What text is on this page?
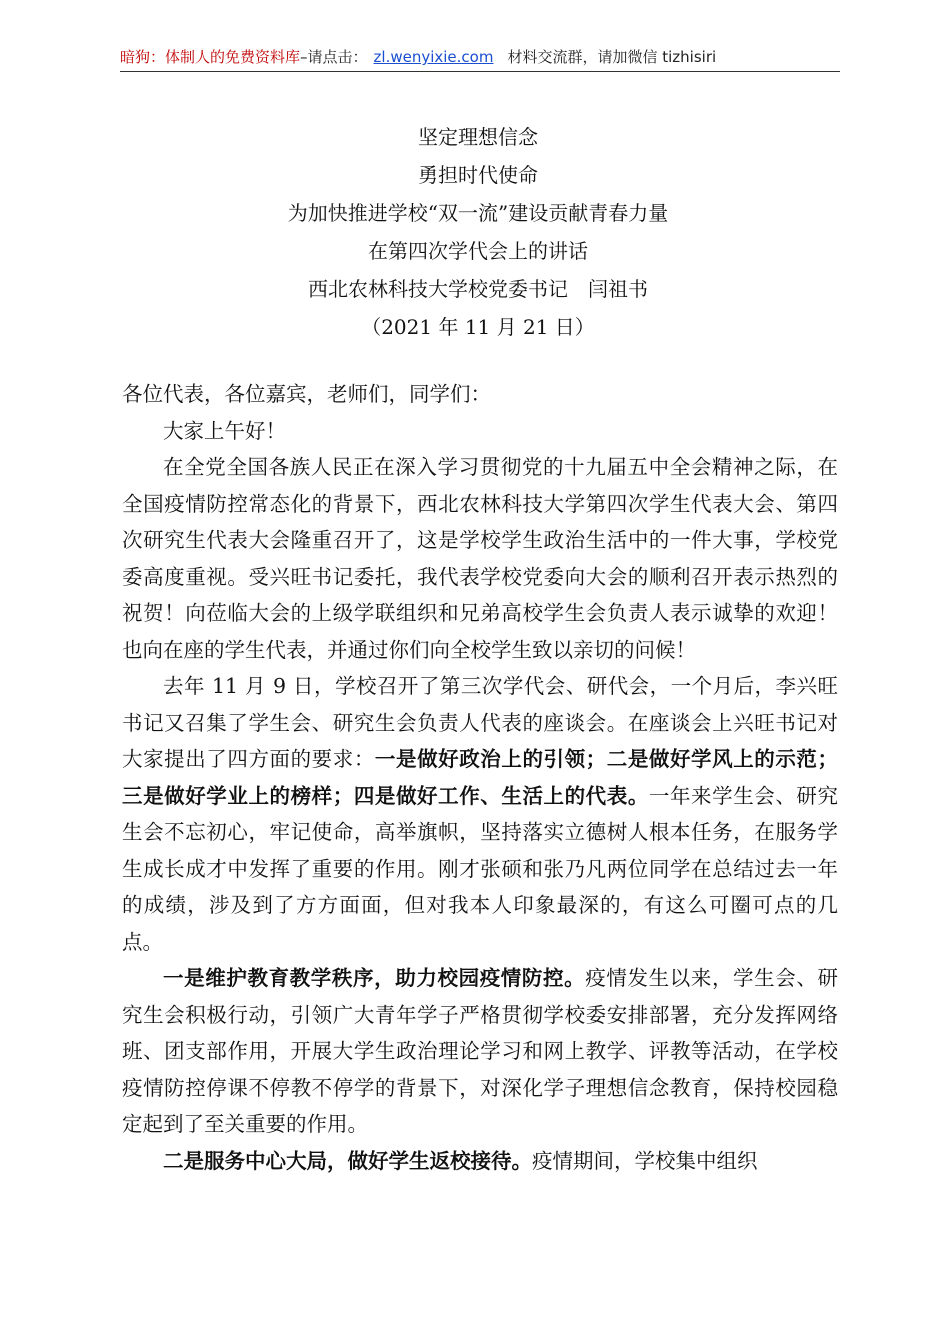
暗狗：体制人的免费资料库–请点击： zl.wenyixie.com 材料交流群，请加微信 tizhisiri
坚定理想信念
勇担时代使命
为加快推进学校“双一流”建设贡献青春力量
在第四次学代会上的讲话
西北农林科技大学校党委书记　闫祖书
（2021 年 11 月 21 日）

各位代表，各位嘉宾，老师们，同学们：

大家上午好！

在全党全国各族人民正在深入学习贯彻党的十九届五中全会精神之际，在全国疫情防控常态化的背景下，西北农林科技大学第四次学生代表大会、第四次研究生代表大会隆重召开了，这是学校学生政治生活中的一件大事，学校党委高度重视。受兴旺书记委托，我代表学校党委向大会的顺利召开表示热烈的祝贺！向莅临大会的上级学联组织和兄弟高校学生会负责人表示诚挚的欢迎！也向在座的学生代表，并通过你们向全校学生致以亲切的问候！

去年 11 月 9 日，学校召开了第三次学代会、研代会，一个月后，李兴旺书记又召集了学生会、研究生会负责人代表的座谈会。在座谈会上兴旺书记对大家提出了四方面的要求：一是做好政治上的引领；二是做好学风上的示范；三是做好学业上的榜样；四是做好工作、生活上的代表。一年来学生会、研究生会不忘初心，牢记使命，高举旗帜，坚持落实立德树人根本任务，在服务学生成长成才中发挥了重要的作用。刚才张硕和张乃凡两位同学在总结过去一年的成绩，涉及到了方方面面，但对我本人印象最深的，有这么可圈可点的几点。

一是维护教育教学秩序，助力校园疫情防控。疫情发生以来，学生会、研究生会积极行动，引领广大青年学子严格贯彻学校委安排部署，充分发挥网络班、团支部作用，开展大学生政治理论学习和网上教学、评教等活动，在学校疫情防控停课不停教不停学的背景下，对深化学子理想信念教育，保持校园稳定起到了至关重要的作用。

二是服务中心大局，做好学生返校接待。疫情期间，学校集中组织
